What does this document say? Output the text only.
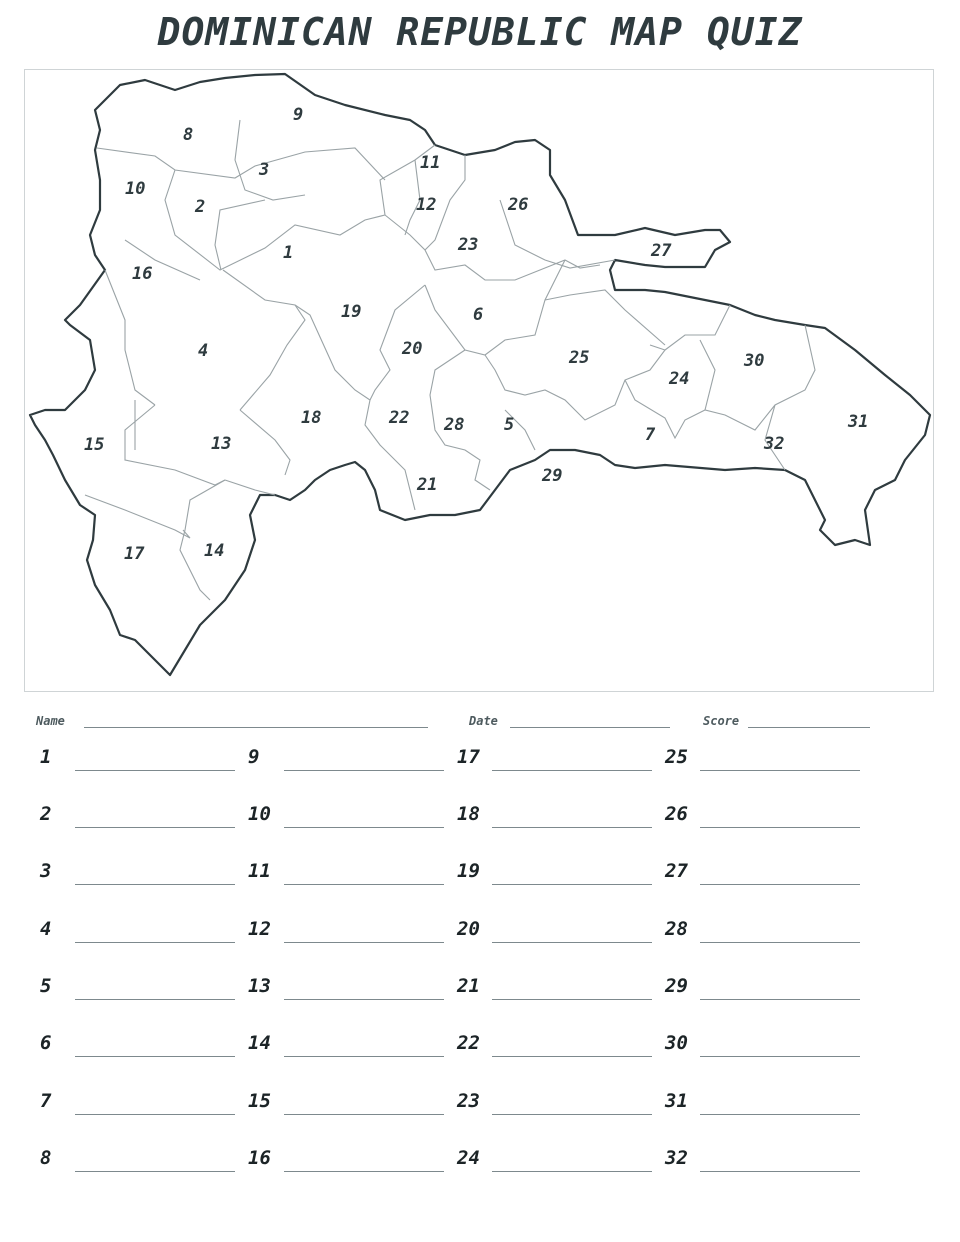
DOMINICAN REPUBLIC MAP QUIZ
1
2
3
4
5
6
7
8
9
10
11
12
13
14
15
16
17
18
19
20
21
22
23
24
25
26
27
28
29
30
31
32
Name	Date	Score
1
2
3
4
5
6
7
8
9
10
11
12
13
14
15
16
17
18
19
20
21
22
23
24
25
26
27
28
29
30
31
32
